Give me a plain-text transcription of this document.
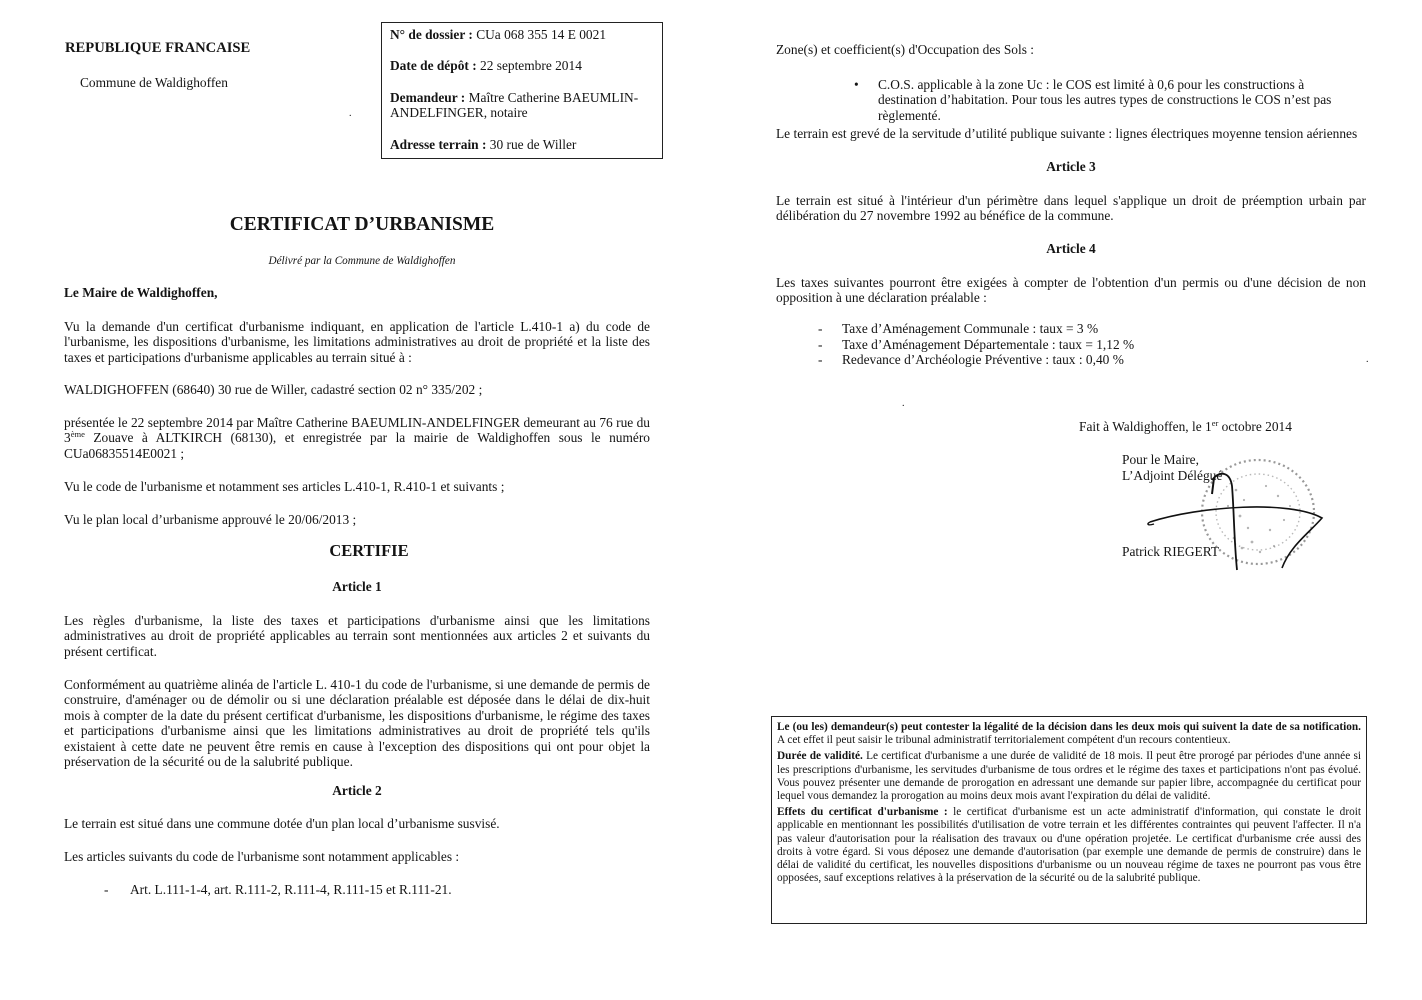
REPUBLIQUE FRANCAISE
Commune de Waldighoffen
.
N° de dossier : CUa 068 355 14 E 0021
Date de dépôt : 22 septembre 2014
Demandeur : Maître Catherine BAEUMLIN-ANDELFINGER, notaire
Adresse terrain : 30 rue de Willer
CERTIFICAT D’URBANISME
Délivré par la Commune de Waldighoffen
Le Maire de Waldighoffen,
Vu la demande d'un certificat d'urbanisme indiquant, en application de l'article L.410-1 a) du code de l'urbanisme, les dispositions d'urbanisme, les limitations administratives au droit de propriété et la liste des taxes et participations d'urbanisme applicables au terrain situé à :
WALDIGHOFFEN (68640) 30 rue de Willer, cadastré section 02 n° 335/202 ;
présentée le 22 septembre 2014 par Maître Catherine BAEUMLIN-ANDELFINGER demeurant au 76 rue du 3ème Zouave à ALTKIRCH (68130), et enregistrée par la mairie de Waldighoffen sous le numéro CUa06835514E0021 ;
Vu le code de l'urbanisme et notamment ses articles L.410-1, R.410-1 et suivants ;
Vu le plan local d’urbanisme approuvé le 20/06/2013 ;
CERTIFIE
Article 1
Les règles d'urbanisme, la liste des taxes et participations d'urbanisme ainsi que les limitations administratives au droit de propriété applicables au terrain sont mentionnées aux articles 2 et suivants du présent certificat.
Conformément au quatrième alinéa de l'article L. 410-1 du code de l'urbanisme, si une demande de permis de construire, d'aménager ou de démolir ou si une déclaration préalable est déposée dans le délai de dix-huit mois à compter de la date du présent certificat d'urbanisme, les dispositions d'urbanisme, le régime des taxes et participations d'urbanisme ainsi que les limitations administratives au droit de propriété tels qu'ils existaient à cette date ne peuvent être remis en cause à l'exception des dispositions qui ont pour objet la préservation de la sécurité ou de la salubrité publique.
Article 2
Le terrain est situé dans une commune dotée d'un plan local d’urbanisme susvisé.
Les articles suivants du code de l'urbanisme sont notamment applicables :
- Art. L.111-1-4, art. R.111-2, R.111-4, R.111-15 et R.111-21.
Zone(s) et coefficient(s) d'Occupation des Sols :
• C.O.S. applicable à la zone Uc : le COS est limité à 0,6 pour les constructions à destination d’habitation. Pour tous les autres types de constructions le COS n’est pas règlementé.
Le terrain est grevé de la servitude d’utilité publique suivante : lignes électriques moyenne tension aériennes
Article 3
Le terrain est situé à l'intérieur d'un périmètre dans lequel s'applique un droit de préemption urbain par délibération du 27 novembre 1992 au bénéfice de la commune.
Article 4
Les taxes suivantes pourront être exigées à compter de l'obtention d'un permis ou d'une décision de non opposition à une déclaration préalable :
- Taxe d’Aménagement Communale : taux = 3 %
- Taxe d’Aménagement Départementale : taux = 1,12 %
- Redevance d’Archéologie Préventive : taux : 0,40 %
.
.
Fait à Waldighoffen, le 1er octobre 2014
Pour le Maire,
L’Adjoint Délégué
Patrick RIEGERT
Le (ou les) demandeur(s) peut contester la légalité de la décision dans les deux mois qui suivent la date de sa notification. A cet effet il peut saisir le tribunal administratif territorialement compétent d'un recours contentieux.
Durée de validité. Le certificat d'urbanisme a une durée de validité de 18 mois. Il peut être prorogé par périodes d'une année si les prescriptions d'urbanisme, les servitudes d'urbanisme de tous ordres et le régime des taxes et participations n'ont pas évolué. Vous pouvez présenter une demande de prorogation en adressant une demande sur papier libre, accompagnée du certificat pour lequel vous demandez la prorogation au moins deux mois avant l'expiration du délai de validité.
Effets du certificat d'urbanisme : le certificat d'urbanisme est un acte administratif d'information, qui constate le droit applicable en mentionnant les possibilités d'utilisation de votre terrain et les différentes contraintes qui peuvent l'affecter. Il n'a pas valeur d'autorisation pour la réalisation des travaux ou d'une opération projetée. Le certificat d'urbanisme crée aussi des droits à votre égard. Si vous déposez une demande d'autorisation (par exemple une demande de permis de construire) dans le délai de validité du certificat, les nouvelles dispositions d'urbanisme ou un nouveau régime de taxes ne pourront pas vous être opposées, sauf exceptions relatives à la préservation de la sécurité ou de la salubrité publique.
